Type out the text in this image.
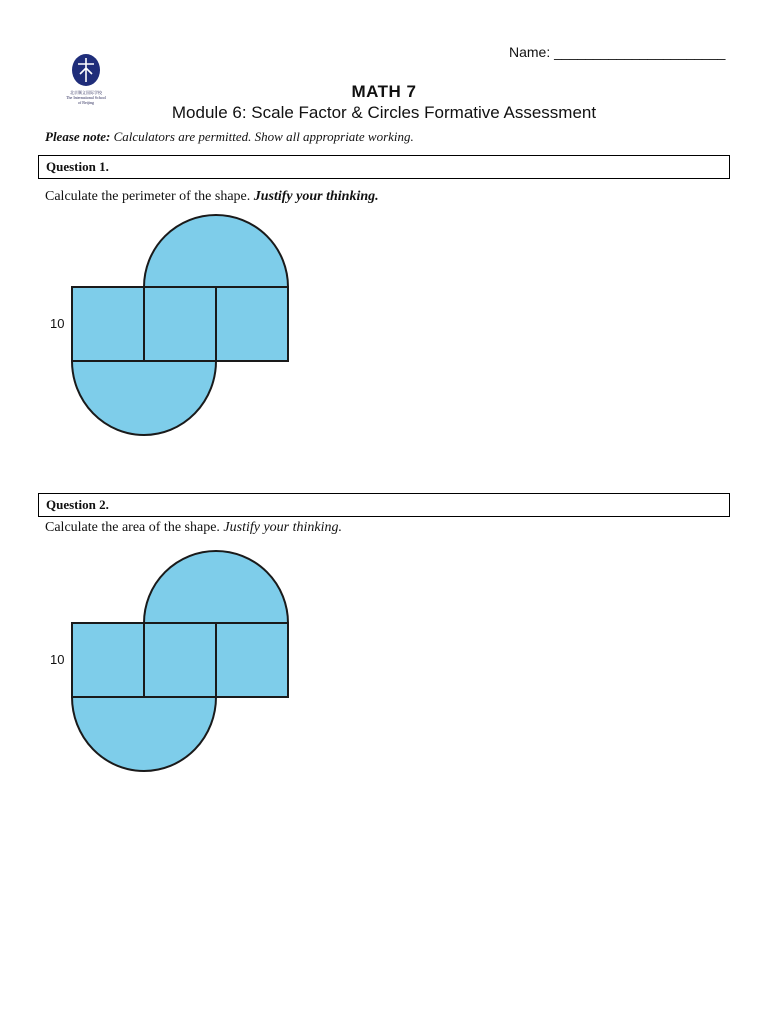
北京顺义国际学校
The International School
of Beijing
Name: ______________________
MATH 7
Module 6: Scale Factor & Circles Formative Assessment
Please note: Calculators are permitted. Show all appropriate working.
Question 1.
Calculate the perimeter of the shape. Justify your thinking.
10
Question 2.
Calculate the area of the shape. Justify your thinking.
10
